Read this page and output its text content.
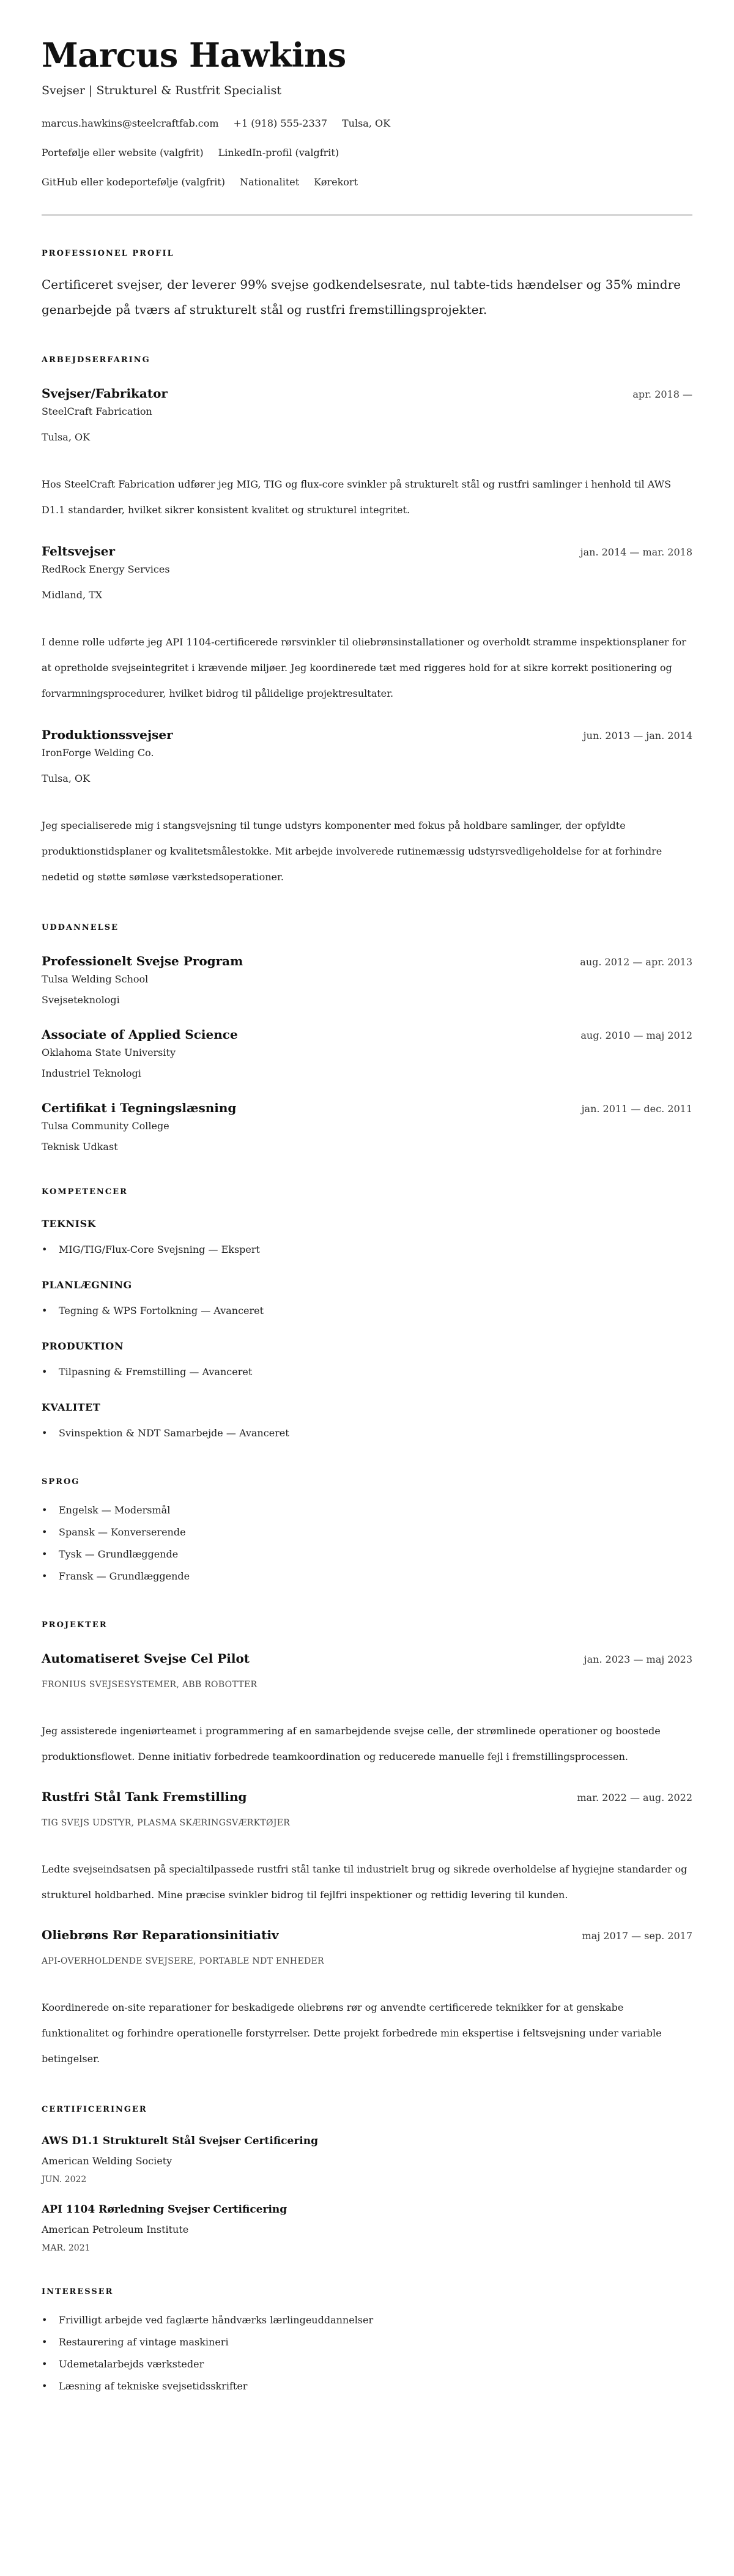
Marcus Hawkins
Svejser | Strukturel & Rustfrit Specialist
marcus.hawkins@steelcraftfab.com +1 (918) 555-2337 Tulsa, OK
Portefølje eller website (valgfrit) LinkedIn-profil (valgfrit)
GitHub eller kodeportefølje (valgfrit) Nationalitet Kørekort
PROFESSIONEL PROFIL

Certificeret svejser, der leverer 99% svejse godkendelsesrate, nul tabte-tids hændelser og 35% mindre genarbejde på tværs af strukturelt stål og rustfri fremstillingsprojekter.

ARBEJDSERFARING
Svejser/Fabrikator	apr. 2018 —
SteelCraft Fabrication
Tulsa, OK

Hos SteelCraft Fabrication udfører jeg MIG, TIG og flux-core svinkler på strukturelt stål og rustfri samlinger i henhold til AWS D1.1 standarder, hvilket sikrer konsistent kvalitet og strukturel integritet.

Feltsvejser	jan. 2014 — mar. 2018
RedRock Energy Services
Midland, TX

I denne rolle udførte jeg API 1104-certificerede rørsvinkler til oliebrønsinstallationer og overholdt stramme inspektionsplaner for at opretholde svejseintegritet i krævende miljøer. Jeg koordinerede tæt med riggeres hold for at sikre korrekt positionering og forvarmningsprocedurer, hvilket bidrog til pålidelige projektresultater.

Produktionssvejser	jun. 2013 — jan. 2014
IronForge Welding Co.
Tulsa, OK

Jeg specialiserede mig i stangsvejsning til tunge udstyrs komponenter med fokus på holdbare samlinger, der opfyldte produktionstidsplaner og kvalitetsmålestokke. Mit arbejde involverede rutinemæssig udstyrsvedligeholdelse for at forhindre nedetid og støtte sømløse værkstedsoperationer.

UDDANNELSE
Professionelt Svejse Program	aug. 2012 — apr. 2013
Tulsa Welding School
Svejseteknologi
Associate of Applied Science	aug. 2010 — maj 2012
Oklahoma State University
Industriel Teknologi
Certifikat i Tegningslæsning	jan. 2011 — dec. 2011
Tulsa Community College
Teknisk Udkast
KOMPETENCER
TEKNISK
• MIG/TIG/Flux-Core Svejsning — Ekspert
PLANLÆGNING
• Tegning & WPS Fortolkning — Avanceret
PRODUKTION
• Tilpasning & Fremstilling — Avanceret
KVALITET
• Svinspektion & NDT Samarbejde — Avanceret
SPROG
• Engelsk — Modersmål
• Spansk — Konverserende
• Tysk — Grundlæggende
• Fransk — Grundlæggende
PROJEKTER
Automatiseret Svejse Cel Pilot	jan. 2023 — maj 2023
FRONIUS SVEJSESYSTEMER, ABB ROBOTTER

Jeg assisterede ingeniørteamet i programmering af en samarbejdende svejse celle, der strømlinede operationer og boostede produktionsflowet. Denne initiativ forbedrede teamkoordination og reducerede manuelle fejl i fremstillingsprocessen.

Rustfri Stål Tank Fremstilling	mar. 2022 — aug. 2022
TIG SVEJS UDSTYR, PLASMA SKÆRINGSVÆRKTØJER

Ledte svejseindsatsen på specialtilpassede rustfri stål tanke til industrielt brug og sikrede overholdelse af hygiejne standarder og strukturel holdbarhed. Mine præcise svinkler bidrog til fejlfri inspektioner og rettidig levering til kunden.

Oliebrøns Rør Reparationsinitiativ	maj 2017 — sep. 2017
API-OVERHOLDENDE SVEJSERE, PORTABLE NDT ENHEDER

Koordinerede on-site reparationer for beskadigede oliebrøns rør og anvendte certificerede teknikker for at genskabe funktionalitet og forhindre operationelle forstyrrelser. Dette projekt forbedrede min ekspertise i feltsvejsning under variable betingelser.

CERTIFICERINGER
AWS D1.1 Strukturelt Stål Svejser Certificering
American Welding Society
JUN. 2022
API 1104 Rørledning Svejser Certificering
American Petroleum Institute
MAR. 2021
INTERESSER
• Frivilligt arbejde ved faglærte håndværks lærlingeuddannelser
• Restaurering af vintage maskineri
• Udemetalarbejds værksteder
• Læsning af tekniske svejsetidsskrifter
